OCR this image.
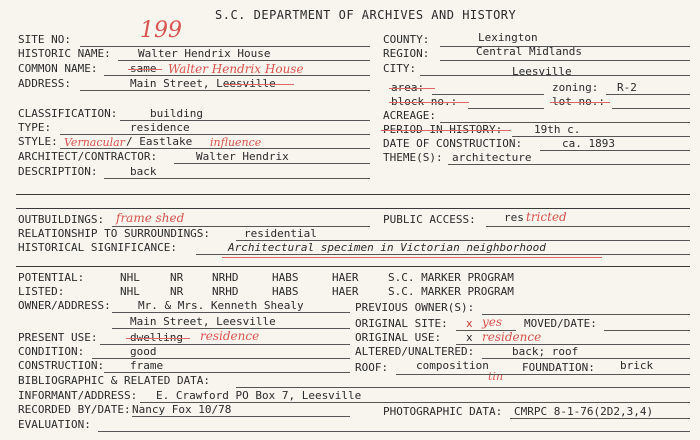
S.C. DEPARTMENT OF ARCHIVES AND HISTORY
SITE NO:	199
HISTORIC NAME: Walter Hendrix House
COMMON NAME:	same Walter Hendrix House
ADDRESS:	Main Street, Leesville
COUNTY:	Lexington
REGION:	Central Midlands
CITY:	Leesville
area:	zoning: R-2
block no.:	lot no.:
CLASSIFICATION:	building
TYPE:	residence
STYLE: Vernacular / Eastlake influence
ARCHITECT/CONTRACTOR:	Walter Hendrix
DESCRIPTION:	back
ACREAGE:
PERIOD IN HISTORY:	19th c.
DATE OF CONSTRUCTION:	ca. 1893
THEME(S): architecture
OUTBUILDINGS: frame shed	PUBLIC ACCESS:	res tricted
RELATIONSHIP TO SURROUNDINGS:	residential
HISTORICAL SIGNIFICANCE:	Architectural specimen in Victorian neighborhood
POTENTIAL:	NHL	NR	NRHD	HABS	HAER	S.C. MARKER PROGRAM
LISTED:	NHL	NR	NRHD	HABS	HAER	S.C. MARKER PROGRAM
OWNER/ADDRESS: Mr. & Mrs. Kenneth Shealy
Main Street, Leesville
PREVIOUS OWNER(S):
PRESENT USE:	dwelling residence
ORIGINAL SITE: x yes MOVED/DATE:
CONDITION:	good
ORIGINAL USE: x residence
ALTERED/UNALTERED:	back; roof
CONSTRUCTION: frame	ROOF:	composition
tin
FOUNDATION: brick
BIBLIOGRAPHIC & RELATED DATA:
INFORMANT/ADDRESS: E. Crawford PO Box 7, Leesville
RECORDED BY/DATE: Nancy Fox 10/78	PHOTOGRAPHIC DATA: CMRPC 8-1-76(2D2,3,4)
EVALUATION:
